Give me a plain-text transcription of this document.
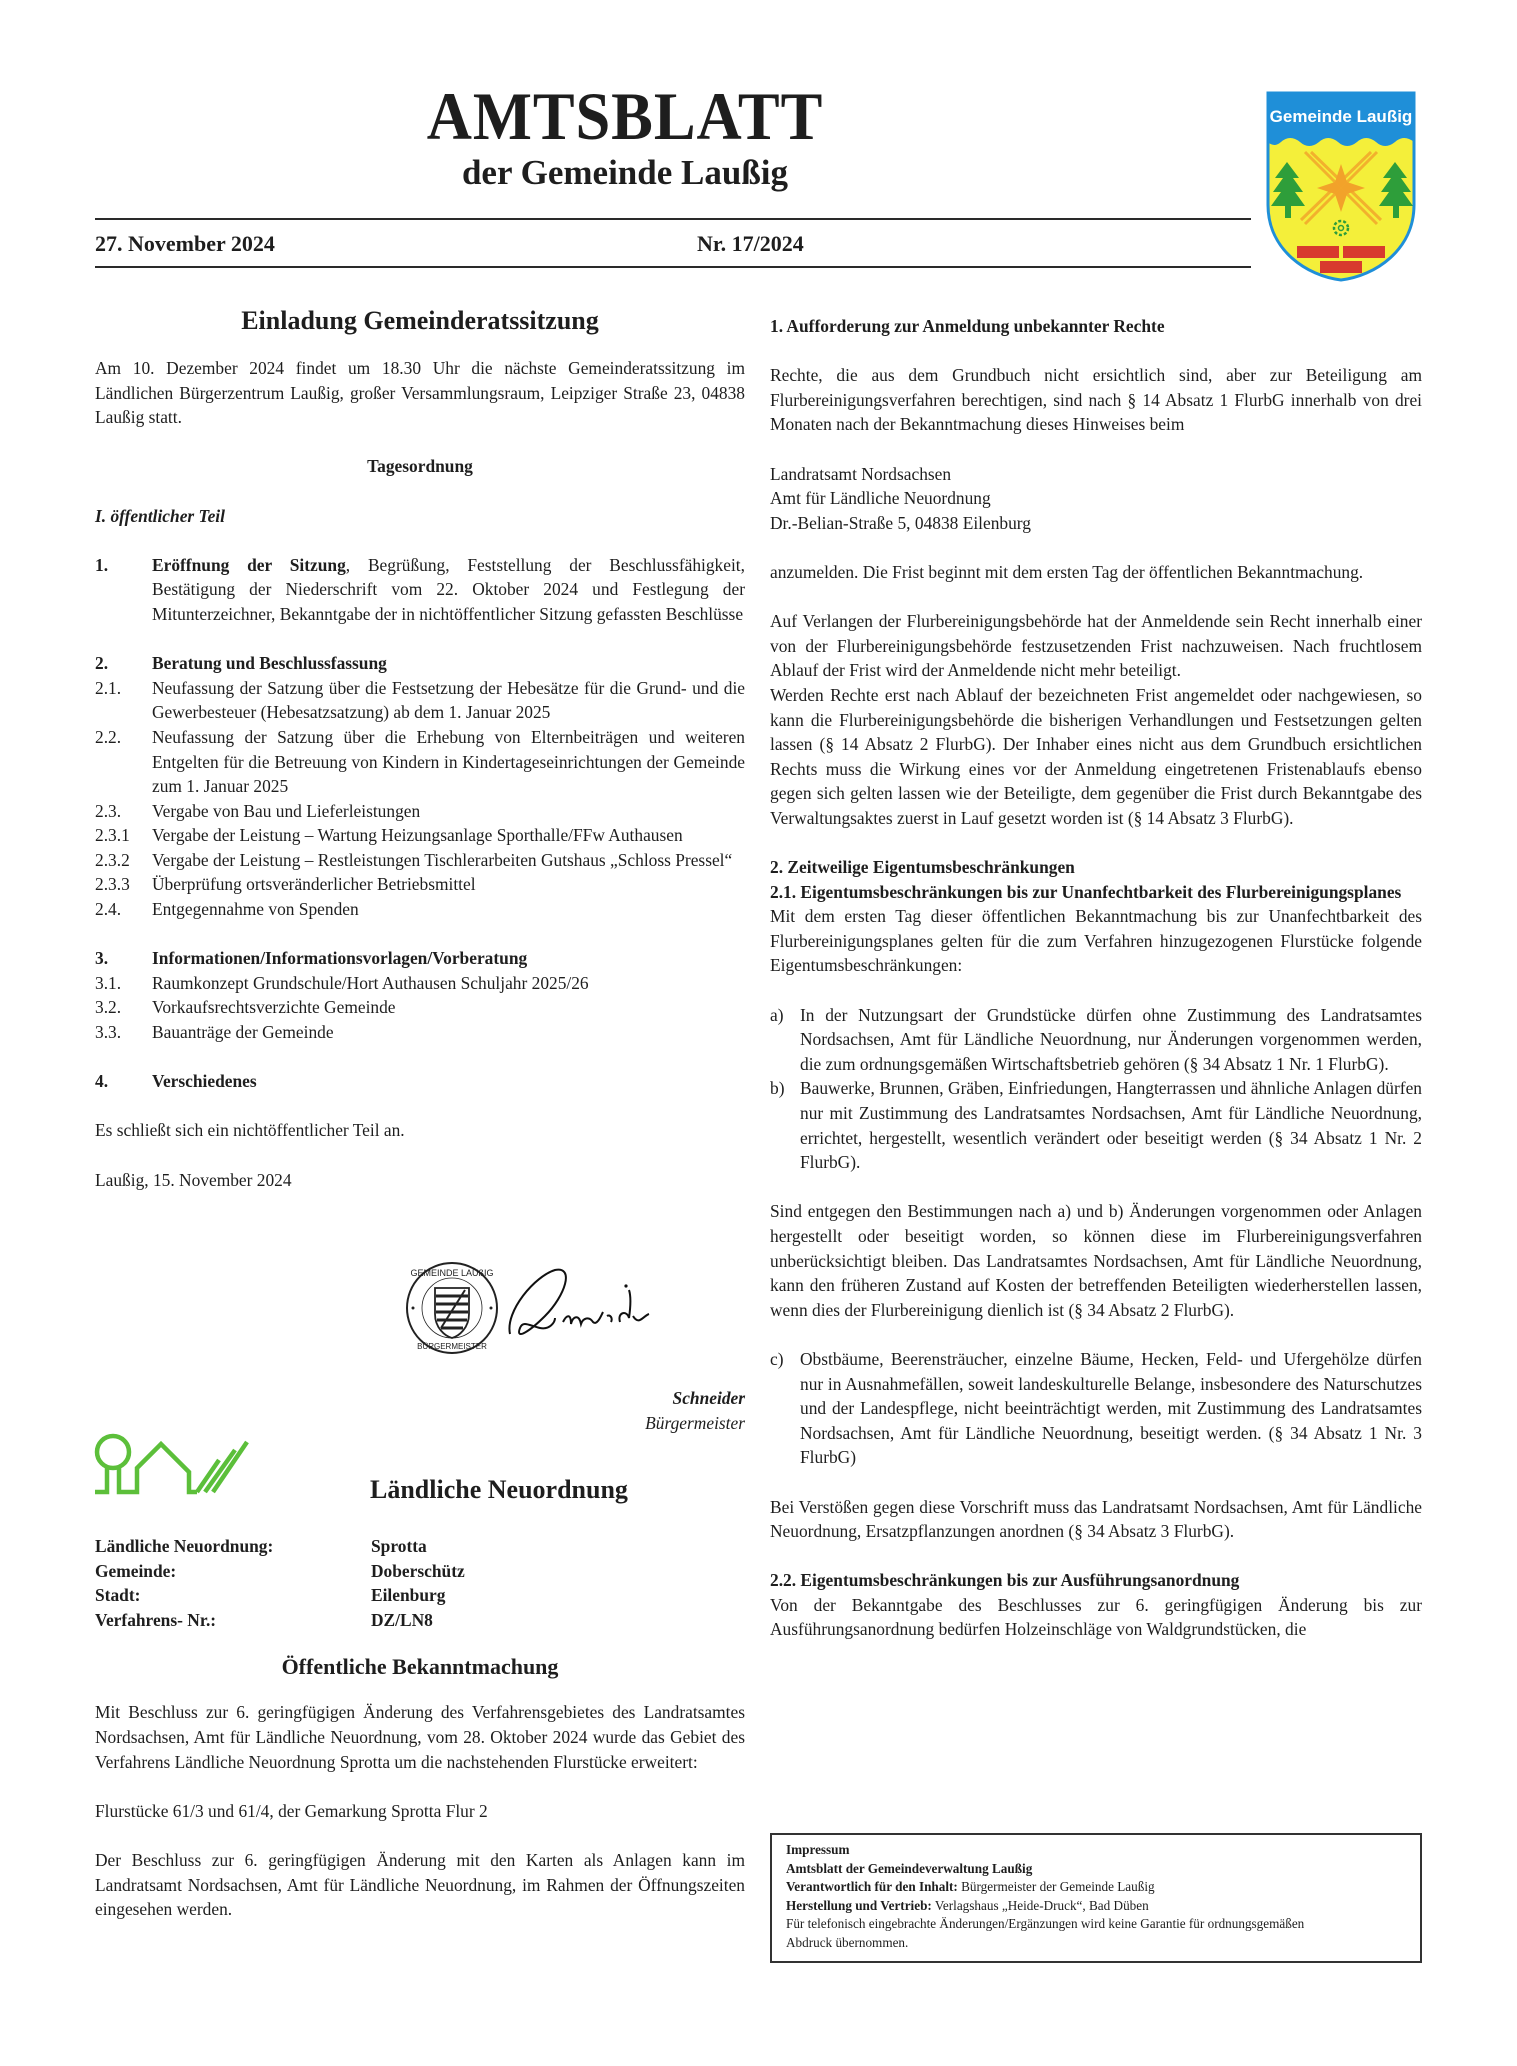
AMTSBLATT
der Gemeinde Laußig
27. November 2024	Nr. 17/2024
Gemeinde Laußig
Einladung Gemeinderatssitzung

Am 10. Dezember 2024 findet um 18.30 Uhr die nächste Gemeinderatssitzung im Ländlichen Bürgerzentrum Laußig, großer Versammlungsraum, Leipziger Straße 23, 04838 Laußig statt.

Tagesordnung
I. öffentlicher Teil
1.	Eröffnung der Sitzung, Begrüßung, Feststellung der Beschlussfähigkeit, Bestätigung der Niederschrift vom 22. Oktober 2024 und Festlegung der Mitunterzeichner, Bekanntgabe der in nichtöffentlicher Sitzung gefassten Beschlüsse
2.	Beratung und Beschlussfassung
2.1.	Neufassung der Satzung über die Festsetzung der Hebesätze für die Grund- und die Gewerbesteuer (Hebesatzsatzung) ab dem 1. Januar 2025
2.2.	Neufassung der Satzung über die Erhebung von Elternbeiträgen und weiteren Entgelten für die Betreuung von Kindern in Kindertageseinrichtungen der Gemeinde zum 1. Januar 2025
2.3.	Vergabe von Bau und Lieferleistungen
2.3.1	Vergabe der Leistung – Wartung Heizungsanlage Sporthalle/FFw Authausen
2.3.2	Vergabe der Leistung – Restleistungen Tischlerarbeiten Gutshaus „Schloss Pressel“
2.3.3	Überprüfung ortsveränderlicher Betriebsmittel
2.4.	Entgegennahme von Spenden
3.	Informationen/Informationsvorlagen/Vorberatung
3.1.	Raumkonzept Grundschule/Hort Authausen Schuljahr 2025/26
3.2.	Vorkaufsrechtsverzichte Gemeinde
3.3.	Bauanträge der Gemeinde
4.	Verschiedenes

Es schließt sich ein nichtöffentlicher Teil an.

Laußig, 15. November 2024

GEMEINDE LAUßIG
BÜRGERMEISTER
Schneider
Bürgermeister
Ländliche Neuordnung
Ländliche Neuordnung:	Sprotta
Gemeinde:	Doberschütz
Stadt:	Eilenburg
Verfahrens- Nr.:	DZ/LN8
Öffentliche Bekanntmachung

Mit Beschluss zur 6. geringfügigen Änderung des Verfahrensgebietes des Landratsamtes Nordsachsen, Amt für Ländliche Neuordnung, vom 28. Oktober 2024 wurde das Gebiet des Verfahrens Ländliche Neuordnung Sprotta um die nachstehenden Flurstücke erweitert:

Flurstücke 61/3 und 61/4, der Gemarkung Sprotta Flur 2

Der Beschluss zur 6. geringfügigen Änderung mit den Karten als Anlagen kann im Landratsamt Nordsachsen, Amt für Ländliche Neuordnung, im Rahmen der Öffnungszeiten eingesehen werden.

1. Aufforderung zur Anmeldung unbekannter Rechte

Rechte, die aus dem Grundbuch nicht ersichtlich sind, aber zur Beteiligung am Flurbereinigungsverfahren berechtigen, sind nach § 14 Absatz 1 FlurbG innerhalb von drei Monaten nach der Bekanntmachung dieses Hinweises beim

Landratsamt Nordsachsen
Amt für Ländliche Neuordnung
Dr.-Belian-Straße 5, 04838 Eilenburg

anzumelden. Die Frist beginnt mit dem ersten Tag der öffentlichen Bekanntmachung.

Auf Verlangen der Flurbereinigungsbehörde hat der Anmeldende sein Recht innerhalb einer von der Flurbereinigungsbehörde festzusetzenden Frist nachzuweisen. Nach fruchtlosem Ablauf der Frist wird der Anmeldende nicht mehr beteiligt.

Werden Rechte erst nach Ablauf der bezeichneten Frist angemeldet oder nachgewiesen, so kann die Flurbereinigungsbehörde die bisherigen Verhandlungen und Festsetzungen gelten lassen (§ 14 Absatz 2 FlurbG). Der Inhaber eines nicht aus dem Grundbuch ersichtlichen Rechts muss die Wirkung eines vor der Anmeldung eingetretenen Fristenablaufs ebenso gegen sich gelten lassen wie der Beteiligte, dem gegenüber die Frist durch Bekanntgabe des Verwaltungsaktes zuerst in Lauf gesetzt worden ist (§ 14 Absatz 3 FlurbG).

2. Zeitweilige Eigentumsbeschränkungen

2.1. Eigentumsbeschränkungen bis zur Unanfechtbarkeit des Flurbereinigungsplanes

Mit dem ersten Tag dieser öffentlichen Bekanntmachung bis zur Unanfechtbarkeit des Flurbereinigungsplanes gelten für die zum Verfahren hinzugezogenen Flurstücke folgende Eigentumsbeschränkungen:

a) In der Nutzungsart der Grundstücke dürfen ohne Zustimmung des Landratsamtes Nordsachsen, Amt für Ländliche Neuordnung, nur Änderungen vorgenommen werden, die zum ordnungsgemäßen Wirtschaftsbetrieb gehören (§ 34 Absatz 1 Nr. 1 FlurbG).
b) Bauwerke, Brunnen, Gräben, Einfriedungen, Hangterrassen und ähnliche Anlagen dürfen nur mit Zustimmung des Landratsamtes Nordsachsen, Amt für Ländliche Neuordnung, errichtet, hergestellt, wesentlich verändert oder beseitigt werden (§ 34 Absatz 1 Nr. 2 FlurbG).

Sind entgegen den Bestimmungen nach a) und b) Änderungen vorgenommen oder Anlagen hergestellt oder beseitigt worden, so können diese im Flurbereinigungsverfahren unberücksichtigt bleiben. Das Landratsamtes Nordsachsen, Amt für Ländliche Neuordnung, kann den früheren Zustand auf Kosten der betreffenden Beteiligten wiederherstellen lassen, wenn dies der Flurbereinigung dienlich ist (§ 34 Absatz 2 FlurbG).

c) Obstbäume, Beerensträucher, einzelne Bäume, Hecken, Feld- und Ufergehölze dürfen nur in Ausnahmefällen, soweit landeskulturelle Belange, insbesondere des Naturschutzes und der Landespflege, nicht beeinträchtigt werden, mit Zustimmung des Landratsamtes Nordsachsen, Amt für Ländliche Neuordnung, beseitigt werden. (§ 34 Absatz 1 Nr. 3 FlurbG)

Bei Verstößen gegen diese Vorschrift muss das Landratsamt Nordsachsen, Amt für Ländliche Neuordnung, Ersatzpflanzungen anordnen (§ 34 Absatz 3 FlurbG).

2.2. Eigentumsbeschränkungen bis zur Ausführungsanordnung

Von der Bekanntgabe des Beschlusses zur 6. geringfügigen Änderung bis zur Ausführungsanordnung bedürfen Holzeinschläge von Waldgrundstücken, die

Impressum
Amtsblatt der Gemeindeverwaltung Laußig
Verantwortlich für den Inhalt: Bürgermeister der Gemeinde Laußig
Herstellung und Vertrieb: Verlagshaus „Heide-Druck“, Bad Düben
Für telefonisch eingebrachte Änderungen/Ergänzungen wird keine Garantie für ordnungsgemäßen Abdruck übernommen.
